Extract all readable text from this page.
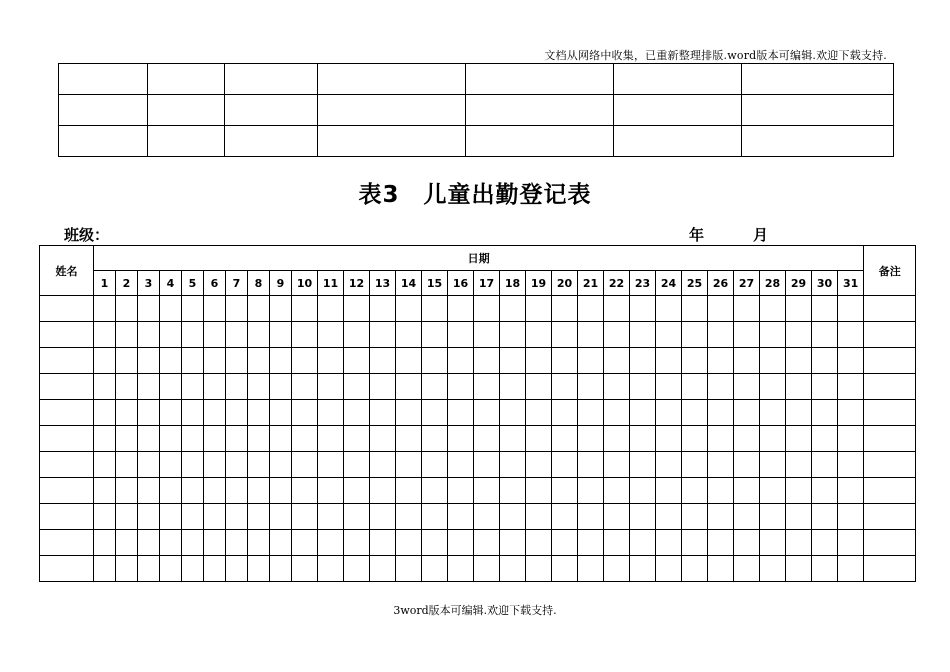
文档从网络中收集，已重新整理排版.word版本可编辑.欢迎下载支持.

表3　儿童出勤登记表
班级：	年	月
姓名	日期																															备注
	1	2	3	4	5	6	7	8	9	10	11	12	13	14	15	16	17	18	19	20	21	22	23	24	25	26	27	28	29	30	31	

3word版本可编辑.欢迎下载支持.
